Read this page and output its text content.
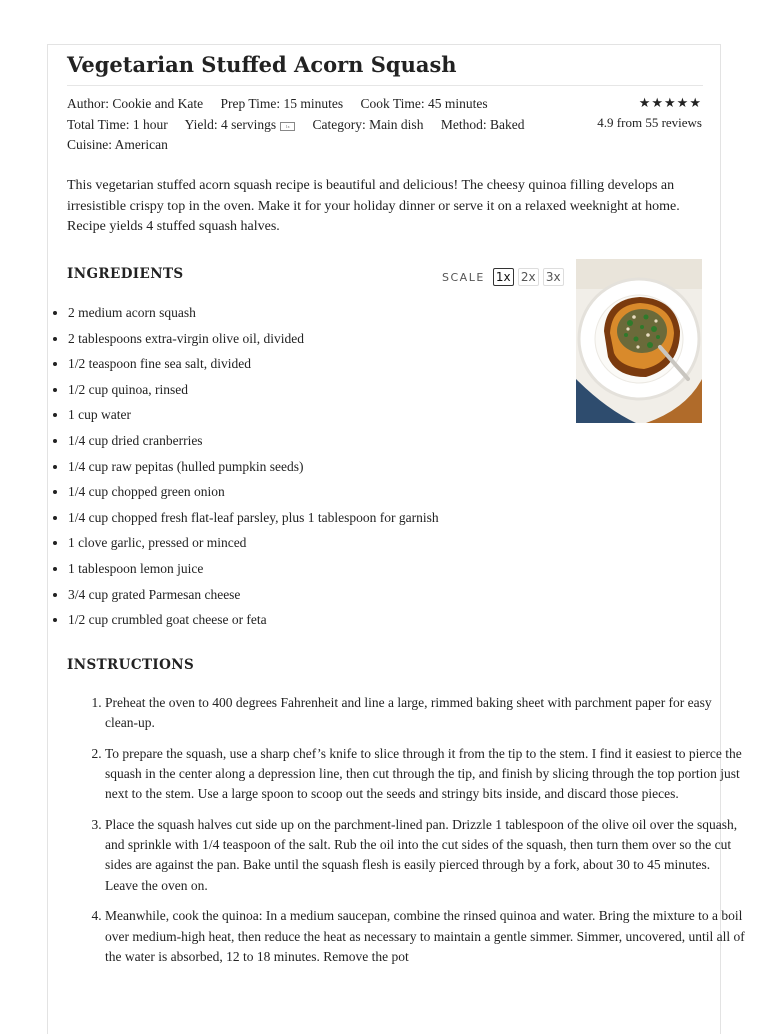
Vegetarian Stuffed Acorn Squash
Author: Cookie and Kate Prep Time: 15 minutes Cook Time: 45 minutes
Total Time: 1 hour Yield: 4 servings 1x Category: Main dish Method: Baked
Cuisine: American
★★★★★
4.9 from 55 reviews

This vegetarian stuffed acorn squash recipe is beautiful and delicious! The cheesy quinoa filling develops an irresistible crispy top in the oven. Make it for your holiday dinner or serve it on a relaxed weeknight at home. Recipe yields 4 stuffed squash halves.

INGREDIENTS	SCALE 1x 2x 3x
• 2 medium acorn squash
• 2 tablespoons extra-virgin olive oil, divided
• 1/2 teaspoon fine sea salt, divided
• 1/2 cup quinoa, rinsed
• 1 cup water
• 1/4 cup dried cranberries
• 1/4 cup raw pepitas (hulled pumpkin seeds)
• 1/4 cup chopped green onion
• 1/4 cup chopped fresh flat-leaf parsley, plus 1 tablespoon for garnish
• 1 clove garlic, pressed or minced
• 1 tablespoon lemon juice
• 3/4 cup grated Parmesan cheese
• 1/2 cup crumbled goat cheese or feta
INSTRUCTIONS
1. Preheat the oven to 400 degrees Fahrenheit and line a large, rimmed baking sheet with parchment paper for easy clean-up.
2. To prepare the squash, use a sharp chef’s knife to slice through it from the tip to the stem. I find it easiest to pierce the squash in the center along a depression line, then cut through the tip, and finish by slicing through the top portion just next to the stem. Use a large spoon to scoop out the seeds and stringy bits inside, and discard those pieces.
3. Place the squash halves cut side up on the parchment-lined pan. Drizzle 1 tablespoon of the olive oil over the squash, and sprinkle with 1/4 teaspoon of the salt. Rub the oil into the cut sides of the squash, then turn them over so the cut sides are against the pan. Bake until the squash flesh is easily pierced through by a fork, about 30 to 45 minutes. Leave the oven on.
4. Meanwhile, cook the quinoa: In a medium saucepan, combine the rinsed quinoa and water. Bring the mixture to a boil over medium-high heat, then reduce the heat as necessary to maintain a gentle simmer. Simmer, uncovered, until all of the water is absorbed, 12 to 18 minutes. Remove the pot
